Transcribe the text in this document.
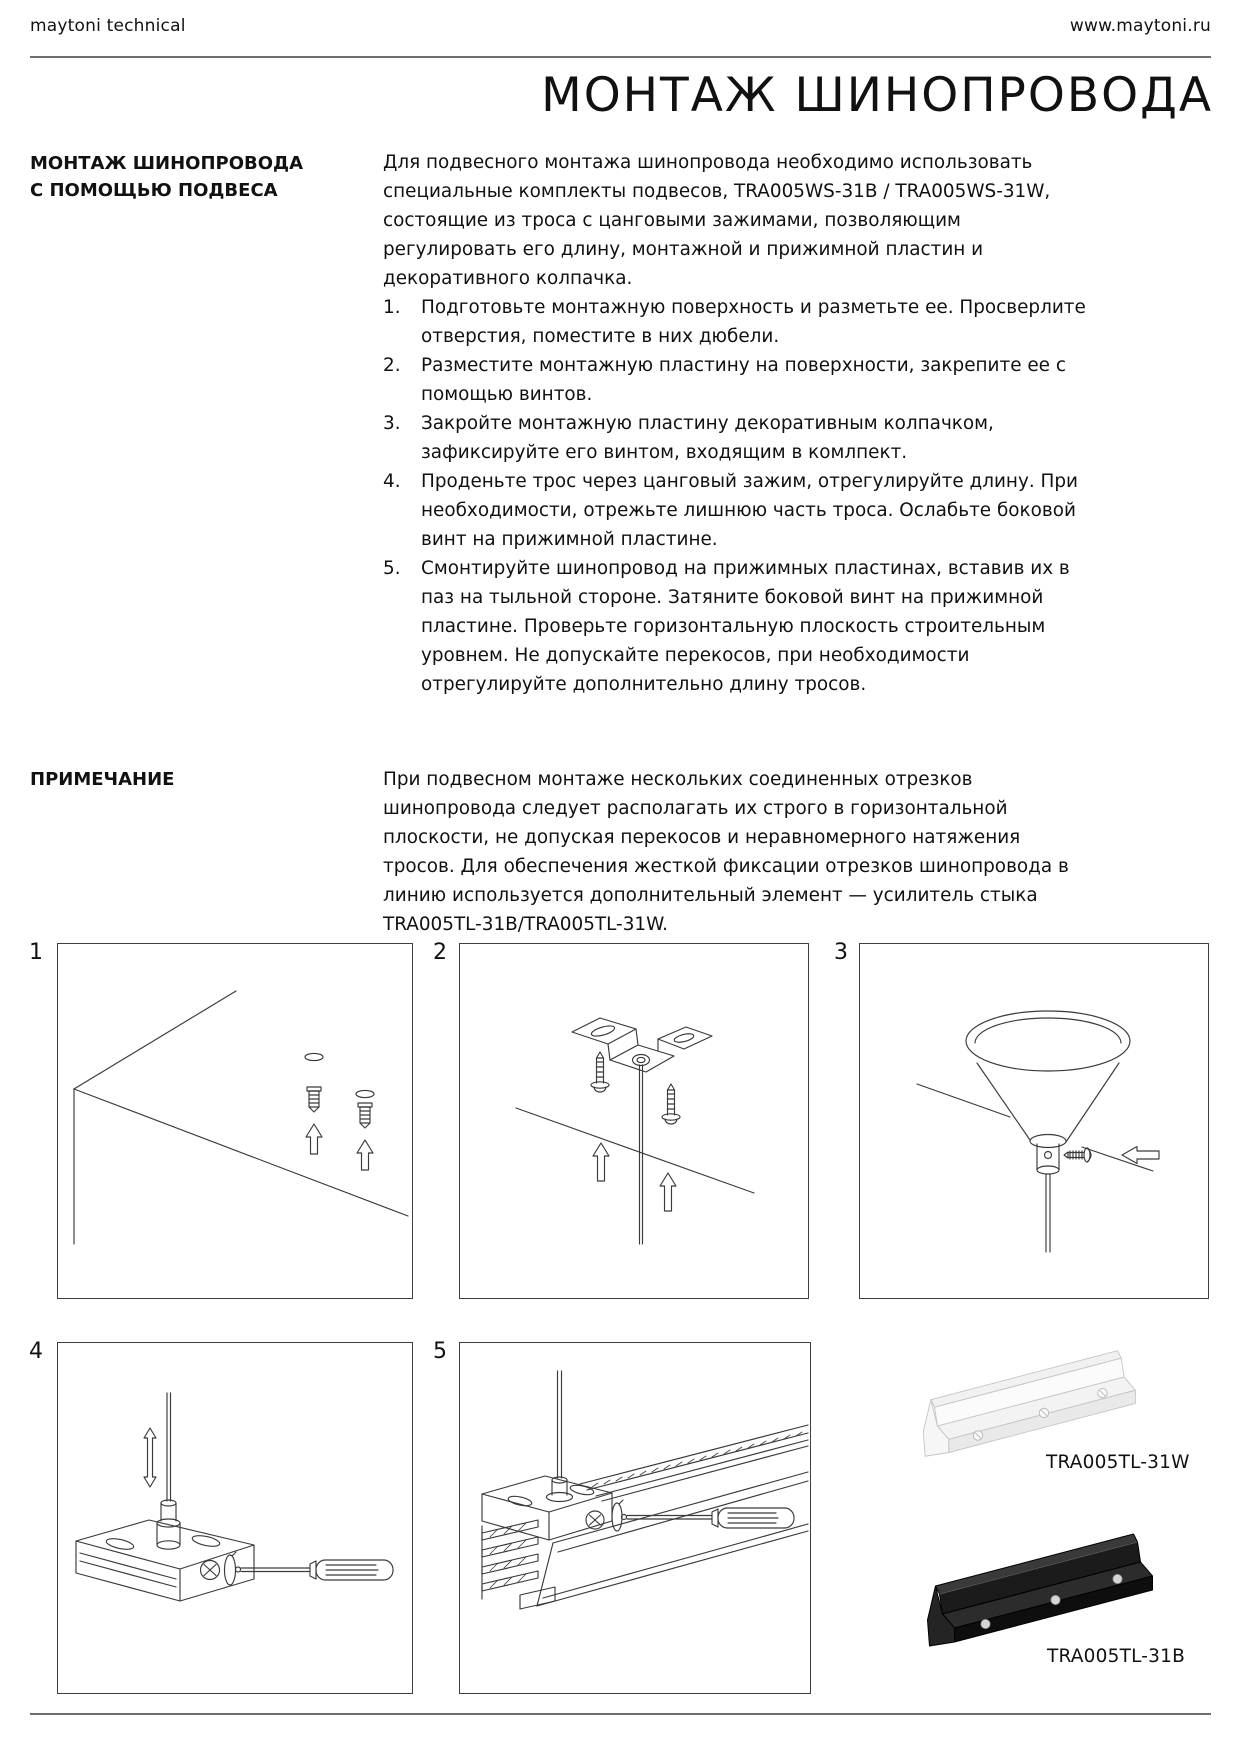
maytoni technical	www.maytoni.ru
МОНТАЖ ШИНОПРОВОДА
МОНТАЖ ШИНОПРОВОДА
С ПОМОЩЬЮ ПОДВЕСА
ПРИМЕЧАНИЕ
Для подвесного монтажа шинопровода необходимо использовать специальные комплекты подвесов, TRA005WS-31B / TRA005WS-31W, состоящие из троса с цанговыми зажимами, позволяющим регулировать его длину, монтажной и прижимной пластин и декоративного колпачка.
1.	Подготовьте монтажную поверхность и разметьте ее. Просверлите отверстия, поместите в них дюбели.
2.	Разместите монтажную пластину на поверхности, закрепите ее с помощью винтов.
3.	Закройте монтажную пластину декоративным колпачком, зафиксируйте его винтом, входящим в комлпект.
4.	Проденьте трос через цанговый зажим, отрегулируйте длину. При необходимости, отрежьте лишнюю часть троса. Ослабьте боковой винт на прижимной пластине.
5.	Смонтируйте шинопровод на прижимных пластинах, вставив их в паз на тыльной стороне. Затяните боковой винт на прижимной пластине. Проверьте горизонтальную плоскость строительным уровнем. Не допускайте перекосов, при необходимости отрегулируйте дополнительно длину тросов.
При подвесном монтаже нескольких соединенных отрезков шинопровода следует располагать их строго в горизонтальной плоскости, не допуская перекосов и неравномерного натяжения тросов. Для обеспечения жесткой фиксации отрезков шинопровода в линию используется дополнительный элемент — усилитель стыка TRA005TL-31B/TRA005TL-31W.
1	2	3
4	5
TRA005TL-31W
TRA005TL-31B
